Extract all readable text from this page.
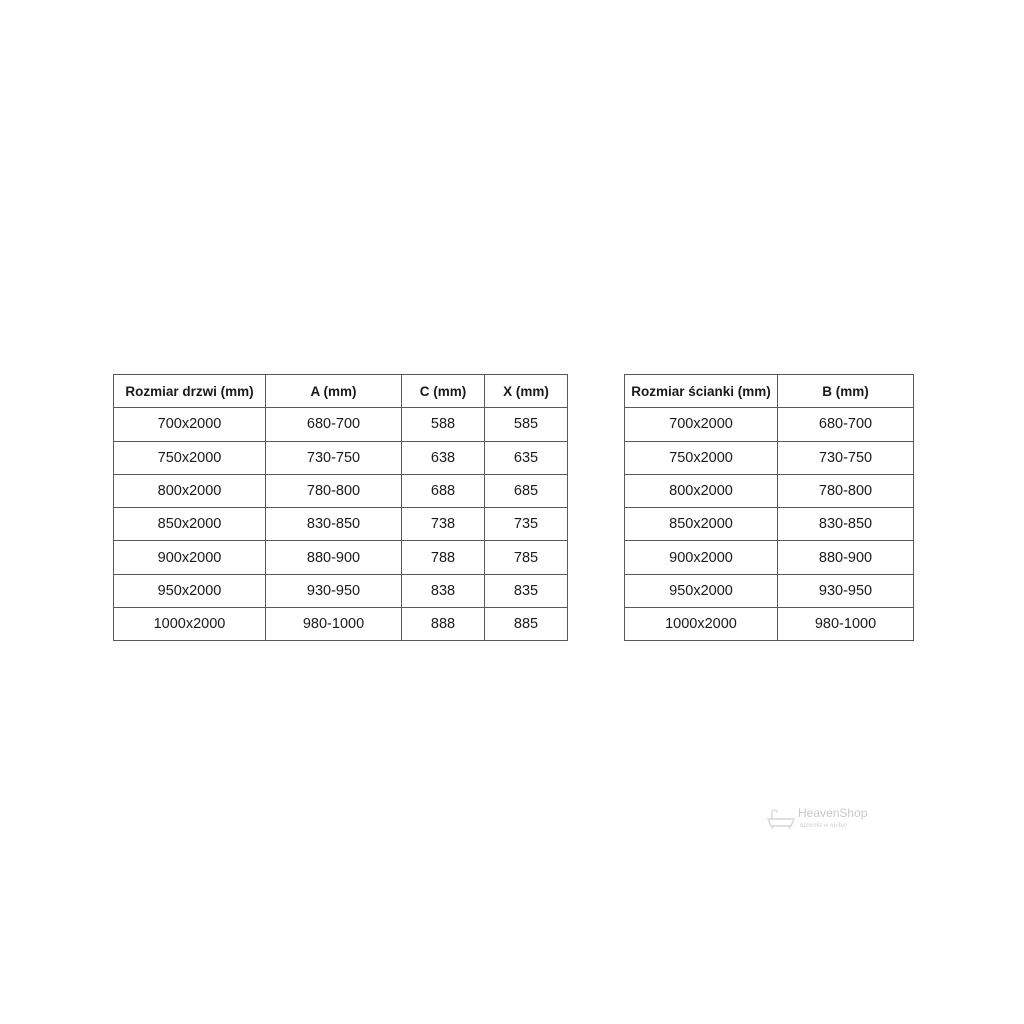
Rozmiar drzwi (mm)	A (mm)	C (mm)	X (mm)
700x2000	680-700	588	585
750x2000	730-750	638	635
800x2000	780-800	688	685
850x2000	830-850	738	735
900x2000	880-900	788	785
950x2000	930-950	838	835
1000x2000	980-1000	888	885
Rozmiar ścianki (mm)	B (mm)
700x2000	680-700
750x2000	730-750
800x2000	780-800
850x2000	830-850
900x2000	880-900
950x2000	930-950
1000x2000	980-1000
HeavenShop
łazienki w niebie
